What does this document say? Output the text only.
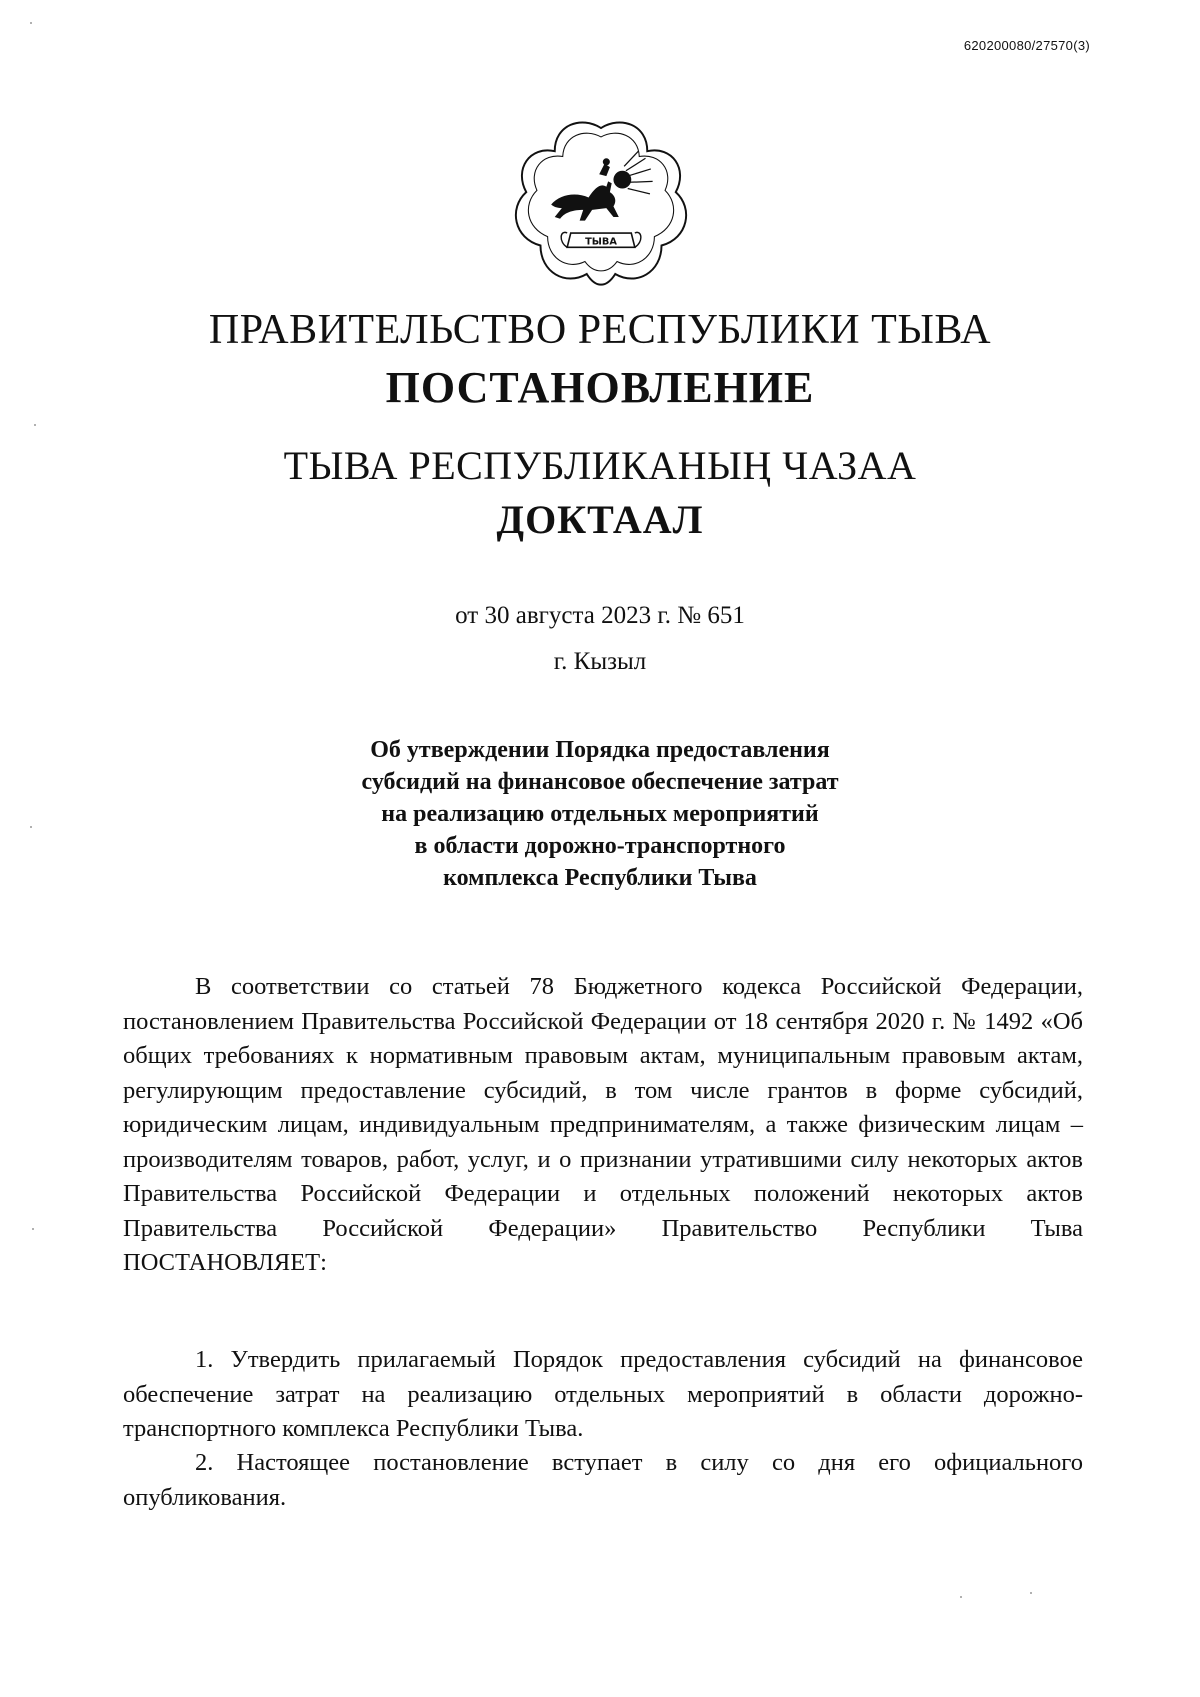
620200080/27570(3)
ТЫВА
ПРАВИТЕЛЬСТВО РЕСПУБЛИКИ ТЫВА
ПОСТАНОВЛЕНИЕ
ТЫВА РЕСПУБЛИКАНЫҢ ЧАЗАА
ДОКТААЛ
от 30 августа 2023 г. № 651
г. Кызыл
Об утверждении Порядка предоставления
субсидий на финансовое обеспечение затрат
на реализацию отдельных мероприятий
в области дорожно-транспортного
комплекса Республики Тыва

В соответствии со статьей 78 Бюджетного кодекса Российской Федерации, постановлением Правительства Российской Федерации от 18 сентября 2020 г. № 1492 «Об общих требованиях к нормативным правовым актам, муниципальным правовым актам, регулирующим предоставление субсидий, в том числе грантов в форме субсидий, юридическим лицам, индивидуальным предпринимателям, а также физическим лицам – производителям товаров, работ, услуг, и о признании утратившими силу некоторых актов Правительства Российской Федерации и отдельных положений некоторых актов Правительства Российской Федерации» Правительство Республики Тыва ПОСТАНОВЛЯЕТ:

1. Утвердить прилагаемый Порядок предоставления субсидий на финансовое обеспечение затрат на реализацию отдельных мероприятий в области дорожно-транспортного комплекса Республики Тыва.

2. Настоящее постановление вступает в силу со дня его официального опубликования.
